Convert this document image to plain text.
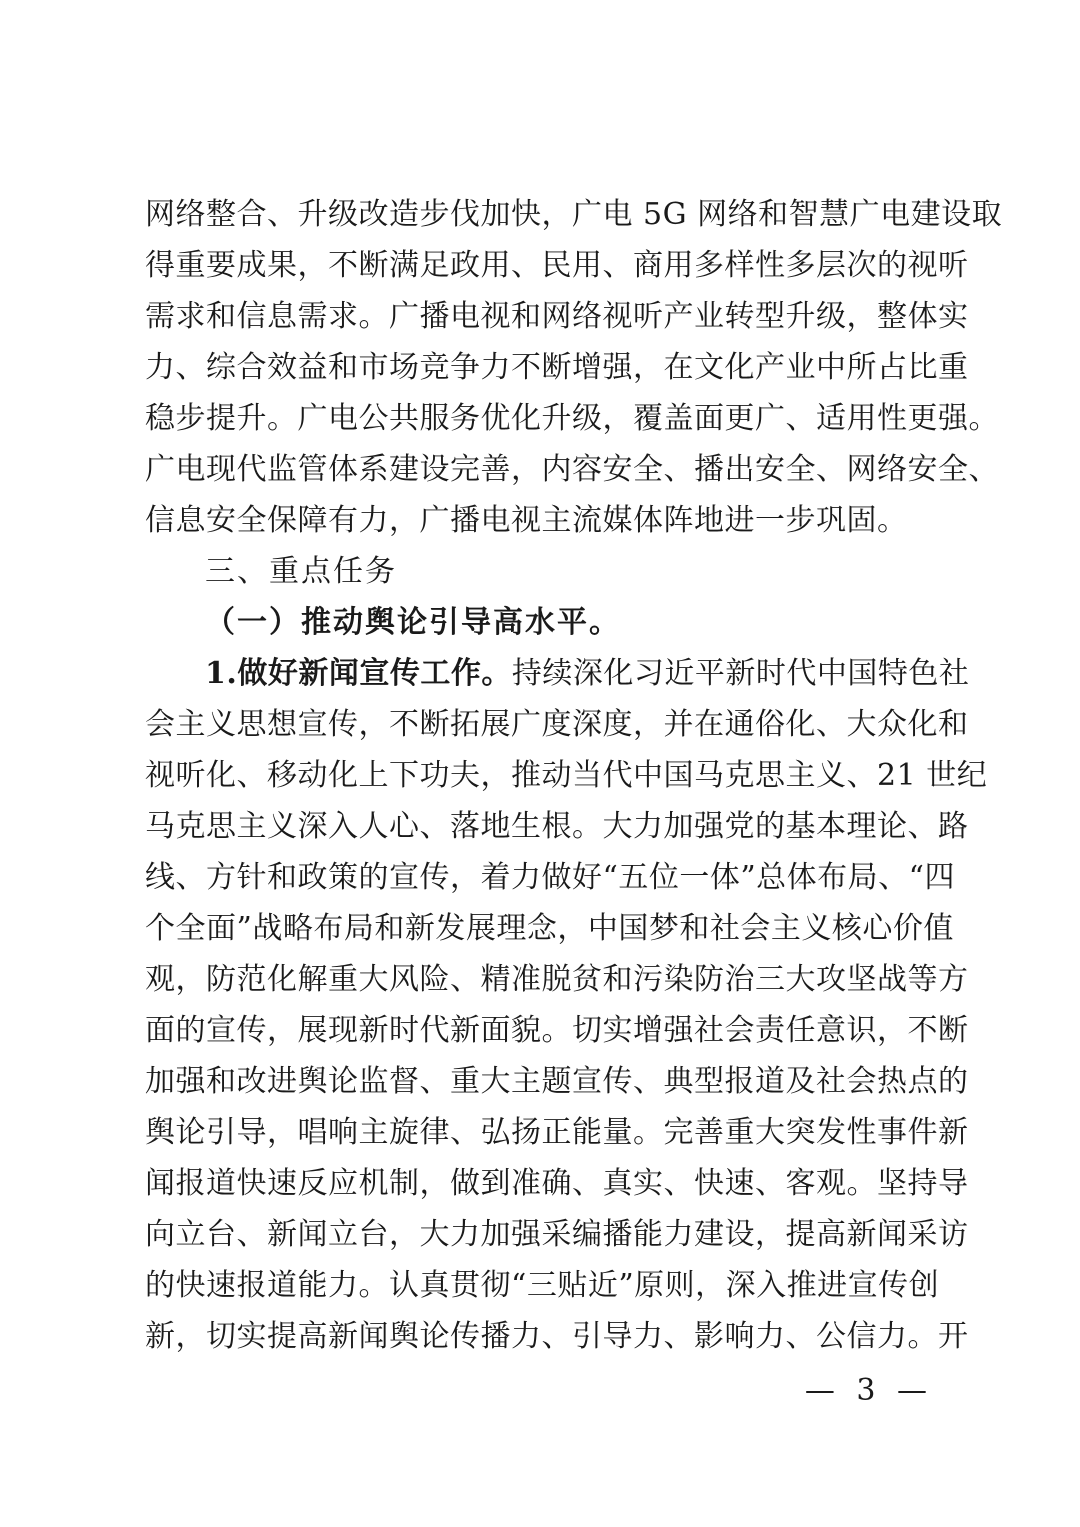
网络整合、升级改造步伐加快，广电 5G 网络和智慧广电建设取
得重要成果，不断满足政用、民用、商用多样性多层次的视听
需求和信息需求。广播电视和网络视听产业转型升级，整体实
力、综合效益和市场竞争力不断增强，在文化产业中所占比重
稳步提升。广电公共服务优化升级，覆盖面更广、适用性更强。
广电现代监管体系建设完善，内容安全、播出安全、网络安全、
信息安全保障有力，广播电视主流媒体阵地进一步巩固。
三、重点任务
（一）推动舆论引导高水平。
1.做好新闻宣传工作。持续深化习近平新时代中国特色社
会主义思想宣传，不断拓展广度深度，并在通俗化、大众化和
视听化、移动化上下功夫，推动当代中国马克思主义、21 世纪
马克思主义深入人心、落地生根。大力加强党的基本理论、路
线、方针和政策的宣传，着力做好“五位一体”总体布局、“四
个全面”战略布局和新发展理念，中国梦和社会主义核心价值
观，防范化解重大风险、精准脱贫和污染防治三大攻坚战等方
面的宣传，展现新时代新面貌。切实增强社会责任意识，不断
加强和改进舆论监督、重大主题宣传、典型报道及社会热点的
舆论引导，唱响主旋律、弘扬正能量。完善重大突发性事件新
闻报道快速反应机制，做到准确、真实、快速、客观。坚持导
向立台、新闻立台，大力加强采编播能力建设，提高新闻采访
的快速报道能力。认真贯彻“三贴近”原则，深入推进宣传创
新，切实提高新闻舆论传播力、引导力、影响力、公信力。开
— 3 —
